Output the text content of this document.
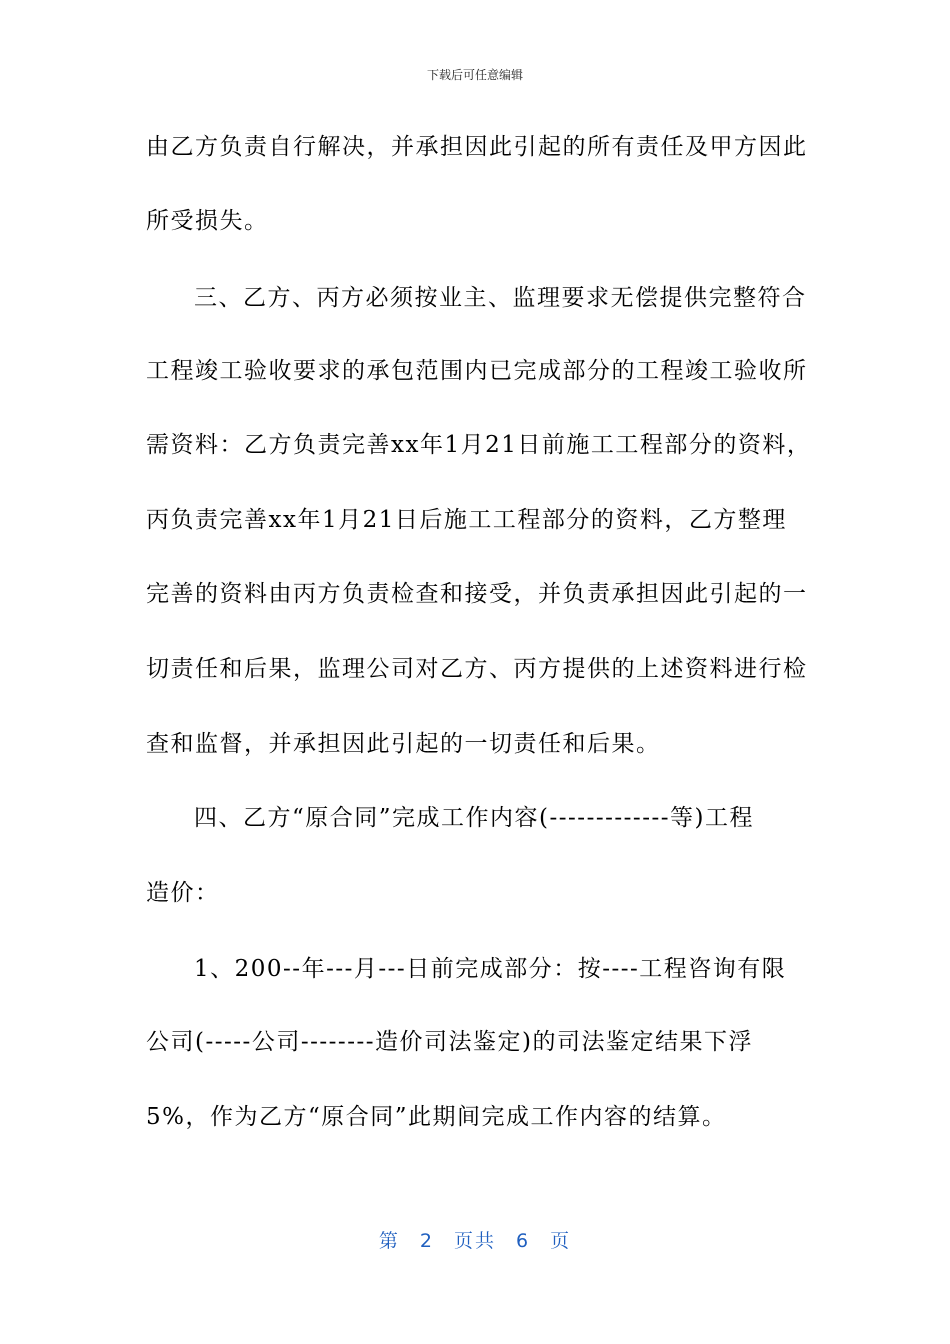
下载后可任意编辑
由乙方负责自行解决，并承担因此引起的所有责任及甲方因此
所受损失。
三、乙方、丙方必须按业主、监理要求无偿提供完整符合
工程竣工验收要求的承包范围内已完成部分的工程竣工验收所
需资料：乙方负责完善xx年1月21日前施工工程部分的资料，
丙负责完善xx年1月21日后施工工程部分的资料，乙方整理
完善的资料由丙方负责检查和接受，并负责承担因此引起的一
切责任和后果，监理公司对乙方、丙方提供的上述资料进行检
查和监督，并承担因此引起的一切责任和后果。
四、乙方“原合同”完成工作内容(-------------等)工程
造价：
1、200--年---月---日前完成部分：按----工程咨询有限
公司(-----公司--------造价司法鉴定)的司法鉴定结果下浮
5%，作为乙方“原合同”此期间完成工作内容的结算。
第 2 页共 6 页
